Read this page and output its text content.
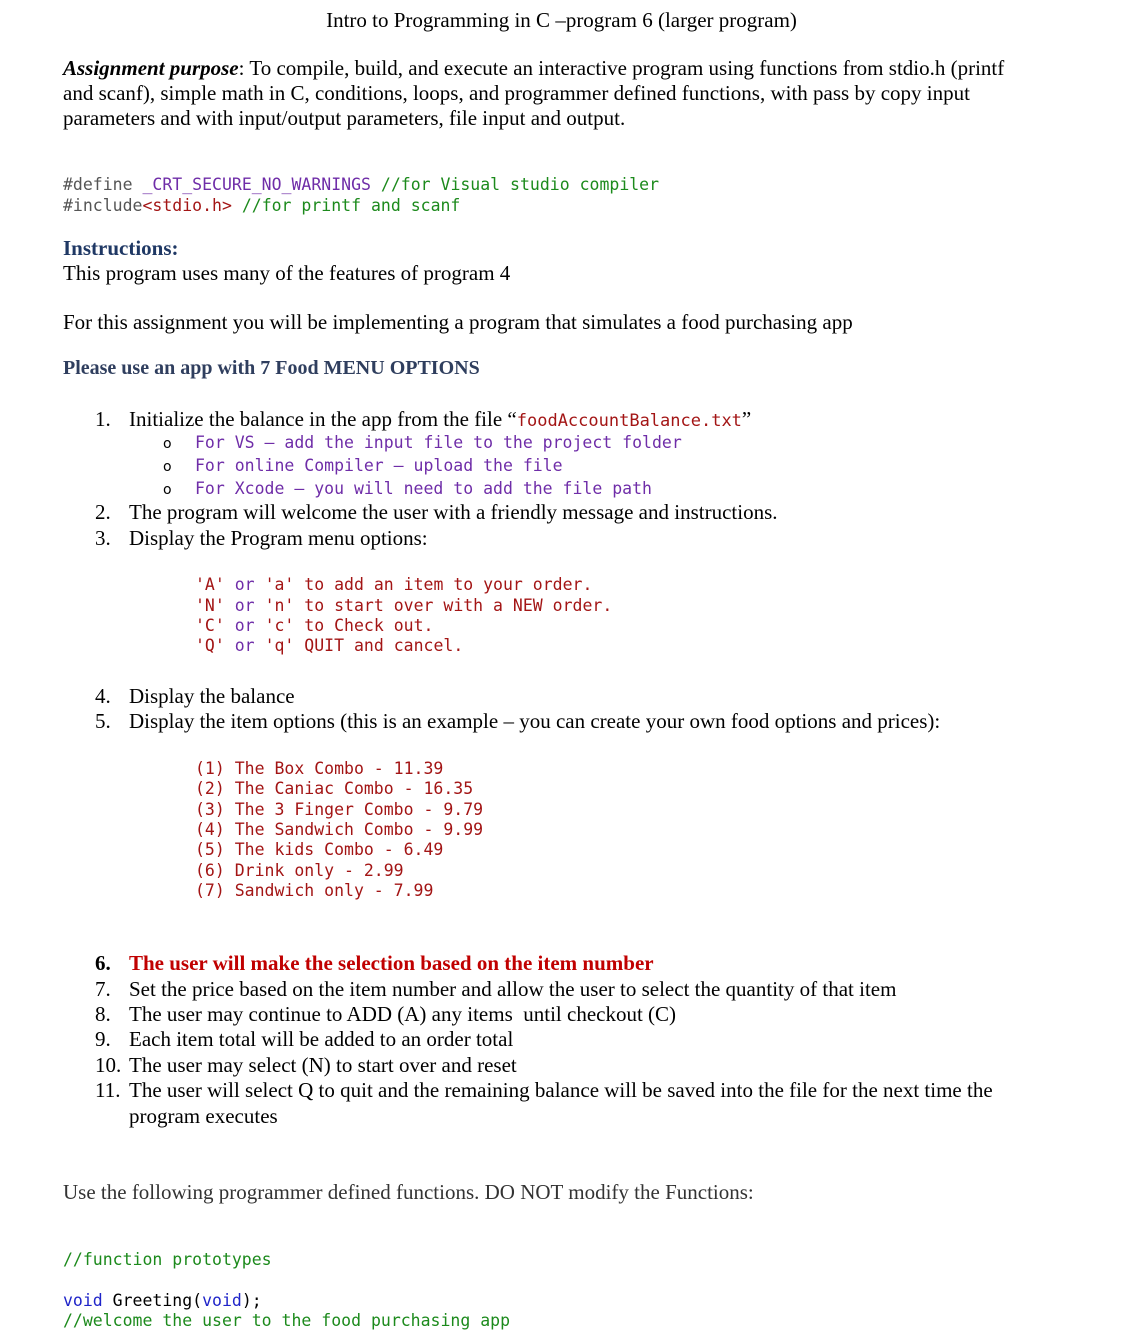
Intro to Programming in C –program 6 (larger program)
Assignment purpose: To compile, build, and execute an interactive program using functions from stdio.h (printf
and scanf), simple math in C, conditions, loops, and programmer defined functions, with pass by copy input
parameters and with input/output parameters, file input and output.
#define _CRT_SECURE_NO_WARNINGS //for Visual studio compiler
#include<stdio.h> //for printf and scanf
Instructions:
This program uses many of the features of program 4
For this assignment you will be implementing a program that simulates a food purchasing app
Please use an app with 7 Food MENU OPTIONS
1. Initialize the balance in the app from the file “foodAccountBalance.txt”
o For VS – add the input file to the project folder
o For online Compiler – upload the file
o For Xcode – you will need to add the file path
2. The program will welcome the user with a friendly message and instructions.
3. Display the Program menu options:
'A' or 'a' to add an item to your order.
'N' or 'n' to start over with a NEW order.
'C' or 'c' to Check out.
'Q' or 'q' QUIT and cancel.
4. Display the balance
5. Display the item options (this is an example – you can create your own food options and prices):
(1) The Box Combo - 11.39
(2) The Caniac Combo - 16.35
(3) The 3 Finger Combo - 9.79
(4) The Sandwich Combo - 9.99
(5) The kids Combo - 6.49
(6) Drink only - 2.99
(7) Sandwich only - 7.99
6. The user will make the selection based on the item number
7. Set the price based on the item number and allow the user to select the quantity of that item
8. The user may continue to ADD (A) any items  until checkout (C)
9. Each item total will be added to an order total
10. The user may select (N) to start over and reset
11. The user will select Q to quit and the remaining balance will be saved into the file for the next time the
program executes
Use the following programmer defined functions. DO NOT modify the Functions:
//function prototypes
void Greeting(void);
//welcome the user to the food purchasing app
